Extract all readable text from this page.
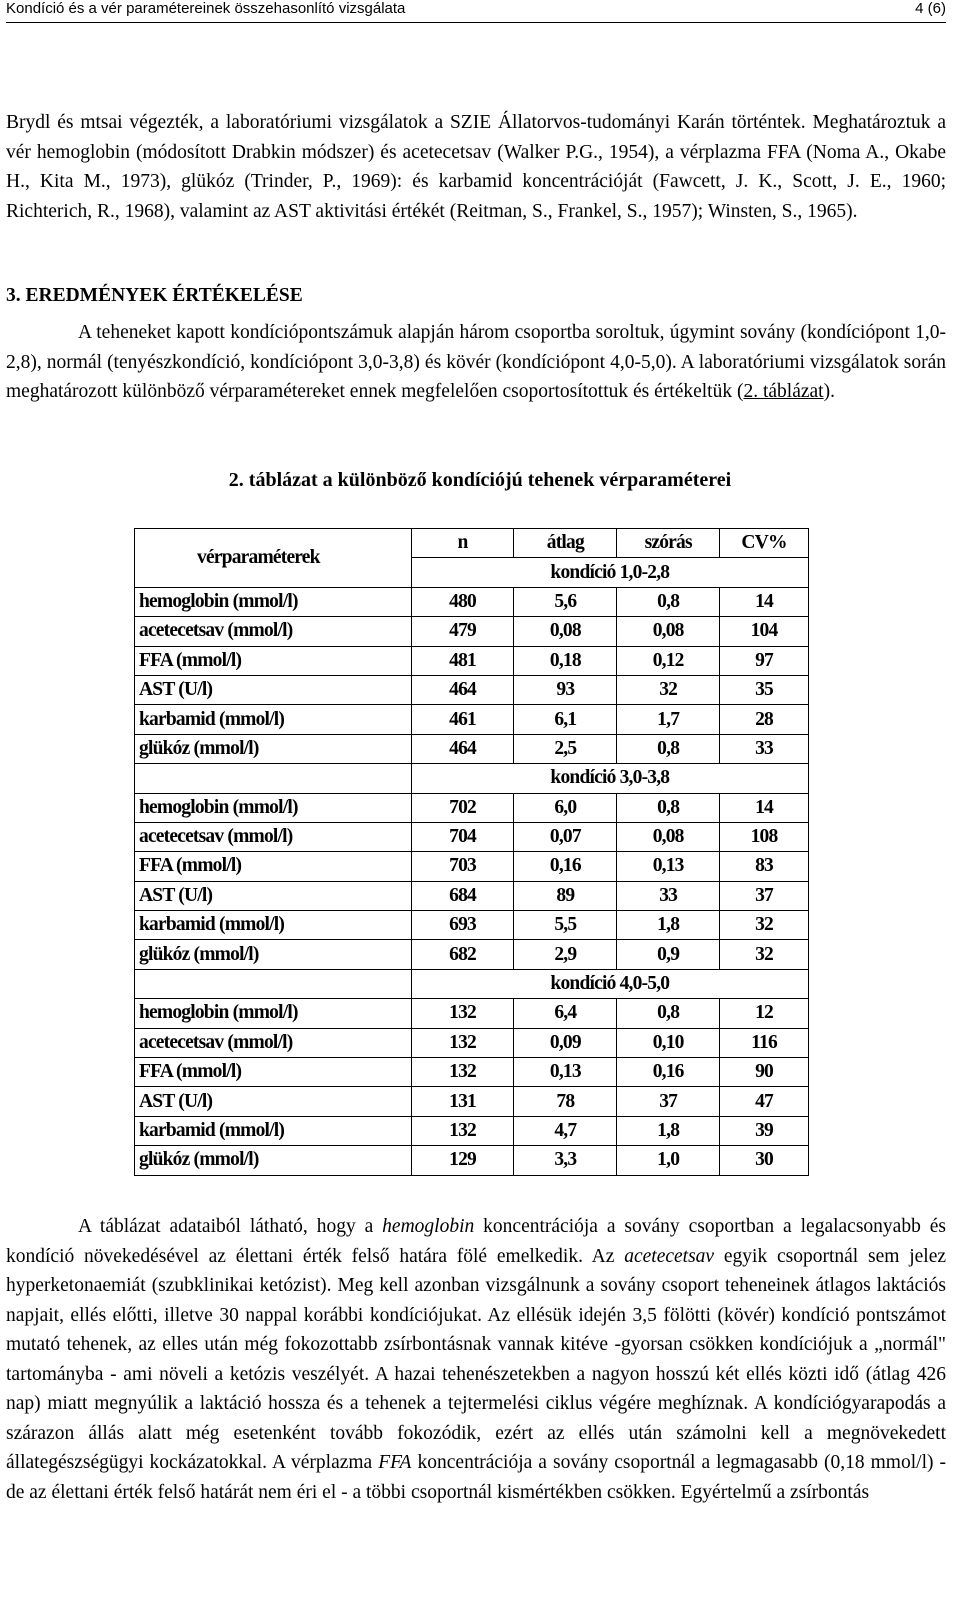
Kondíció és a vér paramétereinek összehasonlító vizsgálata	4 (6)

Brydl és mtsai végezték, a laboratóriumi vizsgálatok a SZIE Állatorvos-tudományi Karán történtek. Meghatároztuk a vér hemoglobin (módosított Drabkin módszer) és acetecetsav (Walker P.G., 1954), a vérplazma FFA (Noma A., Okabe H., Kita M., 1973), glükóz (Trinder, P., 1969): és karbamid koncentrációját (Fawcett, J. K., Scott, J. E., 1960; Richterich, R., 1968), valamint az AST aktivitási értékét (Reitman, S., Frankel, S., 1957); Winsten, S., 1965).

3. EREDMÉNYEK ÉRTÉKELÉSE

A teheneket kapott kondíciópontszámuk alapján három csoportba soroltuk, úgymint sovány (kondíciópont 1,0-2,8), normál (tenyészkondíció, kondíciópont 3,0-3,8) és kövér (kondíciópont 4,0-5,0). A laboratóriumi vizsgálatok során meghatározott különböző vérparamétereket ennek megfelelően csoportosítottuk és értékeltük (2. táblázat).

2. táblázat a különböző kondíciójú tehenek vérparaméterei

vérparaméterek	n	átlag	szórás	CV%
	kondíció 1,0-2,8			
hemoglobin (mmol/l)	480	5,6	0,8	14
acetecetsav (mmol/l)	479	0,08	0,08	104
FFA (mmol/l)	481	0,18	0,12	97
AST (U/l)	464	93	32	35
karbamid (mmol/l)	461	6,1	1,7	28
glükóz (mmol/l)	464	2,5	0,8	33
	kondíció 3,0-3,8			
hemoglobin (mmol/l)	702	6,0	0,8	14
acetecetsav (mmol/l)	704	0,07	0,08	108
FFA (mmol/l)	703	0,16	0,13	83
AST (U/l)	684	89	33	37
karbamid (mmol/l)	693	5,5	1,8	32
glükóz (mmol/l)	682	2,9	0,9	32
	kondíció 4,0-5,0			
hemoglobin (mmol/l)	132	6,4	0,8	12
acetecetsav (mmol/l)	132	0,09	0,10	116
FFA (mmol/l)	132	0,13	0,16	90
AST (U/l)	131	78	37	47
karbamid (mmol/l)	132	4,7	1,8	39
glükóz (mmol/l)	129	3,3	1,0	30

A táblázat adataiból látható, hogy a hemoglobin koncentrációja a sovány csoportban a legalacsonyabb és kondíció növekedésével az élettani érték felső határa fölé emelkedik. Az acetecetsav egyik csoportnál sem jelez hyperketonaemiát (szubklinikai ketózist). Meg kell azonban vizsgálnunk a sovány csoport teheneinek átlagos laktációs napjait, ellés előtti, illetve 30 nappal korábbi kondíciójukat. Az ellésük idején 3,5 fölötti (kövér) kondíció pontszámot mutató tehenek, az elles után még fokozottabb zsírbontásnak vannak kitéve -gyorsan csökken kondíciójuk a „normál" tartományba - ami növeli a ketózis veszélyét. A hazai tehenészetekben a nagyon hosszú két ellés közti idő (átlag 426 nap) miatt megnyúlik a laktáció hossza és a tehenek a tejtermelési ciklus végére meghíznak. A kondíciógyarapodás a szárazon állás alatt még esetenként tovább fokozódik, ezért az ellés után számolni kell a megnövekedett állategészségügyi kockázatokkal. A vérplazma FFA koncentrációja a sovány csoportnál a legmagasabb (0,18 mmol/l) - de az élettani érték felső határát nem éri el - a többi csoportnál kismértékben csökken. Egyértelmű a zsírbontás
